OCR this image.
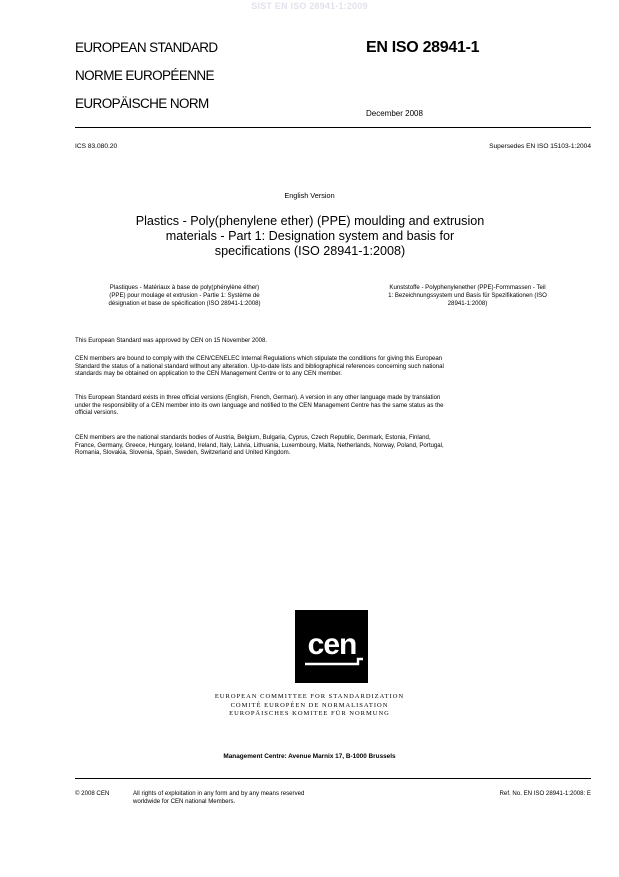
SIST EN ISO 28941-1:2009
EUROPEAN STANDARD
NORME EUROPÉENNE
EUROPÄISCHE NORM
EN ISO 28941-1
December 2008
ICS 83.080.20	Supersedes EN ISO 15103-1:2004
English Version
Plastics - Poly(phenylene ether) (PPE) moulding and extrusion
materials - Part 1: Designation system and basis for
specifications (ISO 28941-1:2008)
Plastiques - Matériaux à base de poly(phénylène éther)
(PPE) pour moulage et extrusion - Partie 1: Système de
désignation et base de spécification (ISO 28941-1:2008)
Kunststoffe - Polyphenylenether (PPE)-Formmassen - Teil
1: Bezeichnungssystem und Basis für Spezifikationen (ISO
28941-1:2008)
This European Standard was approved by CEN on 15 November 2008.
CEN members are bound to comply with the CEN/CENELEC Internal Regulations which stipulate the conditions for giving this European
Standard the status of a national standard without any alteration. Up-to-date lists and bibliographical references concerning such national
standards may be obtained on application to the CEN Management Centre or to any CEN member.
This European Standard exists in three official versions (English, French, German). A version in any other language made by translation
under the responsibility of a CEN member into its own language and notified to the CEN Management Centre has the same status as the
official versions.
CEN members are the national standards bodies of Austria, Belgium, Bulgaria, Cyprus, Czech Republic, Denmark, Estonia, Finland,
France, Germany, Greece, Hungary, Iceland, Ireland, Italy, Latvia, Lithuania, Luxembourg, Malta, Netherlands, Norway, Poland, Portugal,
Romania, Slovakia, Slovenia, Spain, Sweden, Switzerland and United Kingdom.
cen
EUROPEAN COMMITTEE FOR STANDARDIZATION
COMITÉ EUROPÉEN DE NORMALISATION
EUROPÄISCHES KOMITEE FÜR NORMUNG
Management Centre: Avenue Marnix 17, B-1000 Brussels
© 2008 CEN	All rights of exploitation in any form and by any means reserved
worldwide for CEN national Members.
Ref. No. EN ISO 28941-1:2008: E
